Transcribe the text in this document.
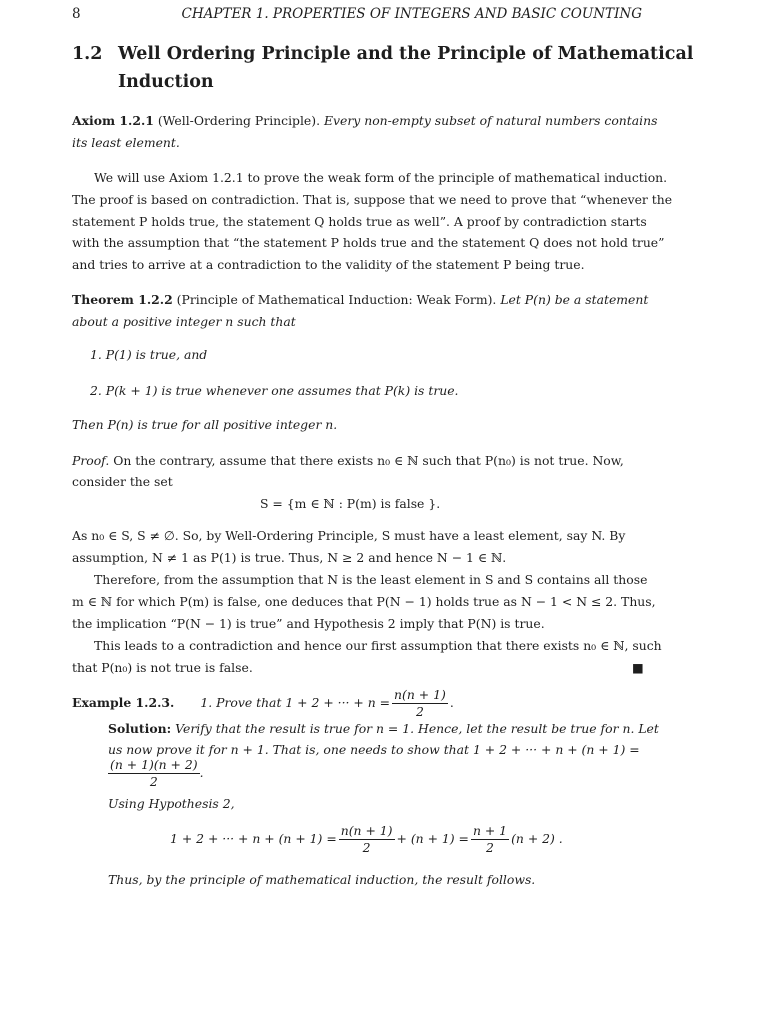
8	CHAPTER 1. PROPERTIES OF INTEGERS AND BASIC COUNTING
1.2 Well Ordering Principle and the Principle of Mathematical
Induction
Axiom 1.2.1 (Well-Ordering Principle). Every non-empty subset of natural numbers contains
its least element.
We will use Axiom 1.2.1 to prove the weak form of the principle of mathematical induction.
The proof is based on contradiction. That is, suppose that we need to prove that “whenever the
statement P holds true, the statement Q holds true as well”. A proof by contradiction starts
with the assumption that “the statement P holds true and the statement Q does not hold true”
and tries to arrive at a contradiction to the validity of the statement P being true.
Theorem 1.2.2 (Principle of Mathematical Induction: Weak Form). Let P(n) be a statement
about a positive integer n such that
1. P(1) is true, and
2. P(k + 1) is true whenever one assumes that P(k) is true.
Then P(n) is true for all positive integer n.
Proof. On the contrary, assume that there exists n₀ ∈ ℕ such that P(n₀) is not true. Now,
consider the set
S = {m ∈ ℕ : P(m) is false }.
As n₀ ∈ S, S ≠ ∅. So, by Well-Ordering Principle, S must have a least element, say N. By
assumption, N ≠ 1 as P(1) is true. Thus, N ≥ 2 and hence N − 1 ∈ ℕ.
Therefore, from the assumption that N is the least element in S and S contains all those
m ∈ ℕ for which P(m) is false, one deduces that P(N − 1) holds true as N − 1 < N ≤ 2. Thus,
the implication “P(N − 1) is true” and Hypothesis 2 imply that P(N) is true.
This leads to a contradiction and hence our first assumption that there exists n₀ ∈ ℕ, such
that P(n₀) is not true is false.	■
Example 1.2.3. 1. Prove that 1 + 2 + ··· + $n = \frac{n(n + 1)}{2}$ .
Solution: Verify that the result is true for n = 1. Hence, let the result be true for n. Let
us now prove it for n + 1. That is, one needs to show that 1 + 2 + ··· + n + (n + 1) =
$\frac{(n + 1)(n + 2)}{2}$ .
Using Hypothesis 2,
1 + 2 + ··· + $n + (n + 1) = \frac{n(n + 1)}{2} + (n + 1) = \frac{n + 1}{2} (n + 2)$ .
Thus, by the principle of mathematical induction, the result follows.
